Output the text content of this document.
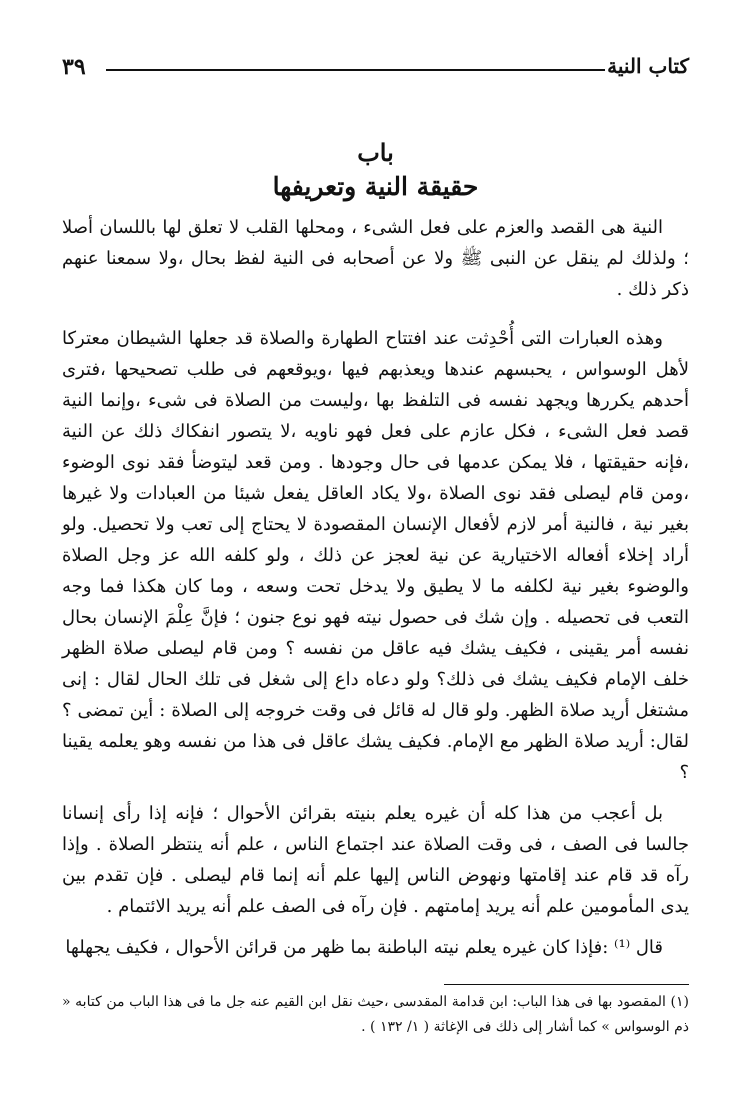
كتاب النية
٣٩
باب
حقيقة النية وتعريفها

النية هى القصد والعزم على فعل الشىء ، ومحلها القلب لا تعلق لها باللسان أصلا ؛ ولذلك لم ينقل عن النبى ﷺ ولا عن أصحابه فى النية لفظ بحال ،ولا سمعنا عنهم ذكر ذلك .

وهذه العبارات التى أُحْدِثت عند افتتاح الطهارة والصلاة قد جعلها الشيطان معتركا لأهل الوسواس ، يحبسهم عندها ويعذبهم فيها ،ويوقعهم فى طلب تصحيحها ،فترى أحدهم يكررها ويجهد نفسه فى التلفظ بها ،وليست من الصلاة فى شىء ،وإنما النية قصد فعل الشىء ، فكل عازم على فعل فهو ناويه ،لا يتصور انفكاك ذلك عن النية ،فإنه حقيقتها ، فلا يمكن عدمها فى حال وجودها . ومن قعد ليتوضأ فقد نوى الوضوء ،ومن قام ليصلى فقد نوى الصلاة ،ولا يكاد العاقل يفعل شيئا من العبادات ولا غيرها بغير نية ، فالنية أمر لازم لأفعال الإنسان المقصودة لا يحتاج إلى تعب ولا تحصيل. ولو أراد إخلاء أفعاله الاختيارية عن نية لعجز عن ذلك ، ولو كلفه الله عز وجل الصلاة والوضوء بغير نية لكلفه ما لا يطيق ولا يدخل تحت وسعه ، وما كان هكذا فما وجه التعب فى تحصيله . وإن شك فى حصول نيته فهو نوع جنون ؛ فإنَّ عِلْمَ الإنسان بحال نفسه أمر يقينى ، فكيف يشك فيه عاقل من نفسه ؟ ومن قام ليصلى صلاة الظهر خلف الإمام فكيف يشك فى ذلك؟ ولو دعاه داع إلى شغل فى تلك الحال لقال : إنى مشتغل أريد صلاة الظهر. ولو قال له قائل فى وقت خروجه إلى الصلاة : أين تمضى ؟ لقال: أريد صلاة الظهر مع الإمام. فكيف يشك عاقل فى هذا من نفسه وهو يعلمه يقينا ؟

بل أعجب من هذا كله أن غيره يعلم بنيته بقرائن الأحوال ؛ فإنه إذا رأى إنسانا جالسا فى الصف ، فى وقت الصلاة عند اجتماع الناس ، علم أنه ينتظر الصلاة . وإذا رآه قد قام عند إقامتها ونهوض الناس إليها علم أنه إنما قام ليصلى . فإن تقدم بين يدى المأمومين علم أنه يريد إمامتهم . فإن رآه فى الصف علم أنه يريد الائتمام .

قال ⁽¹⁾ :فإذا كان غيره يعلم نيته الباطنة بما ظهر من قرائن الأحوال ، فكيف يجهلها

(١) المقصود بها فى هذا الباب: ابن قدامة المقدسى ،حيث نقل ابن القيم عنه جل ما فى هذا الباب من كتابه « ذم الوسواس » كما أشار إلى ذلك فى الإغاثة ( ١/ ١٣٢ ) .
